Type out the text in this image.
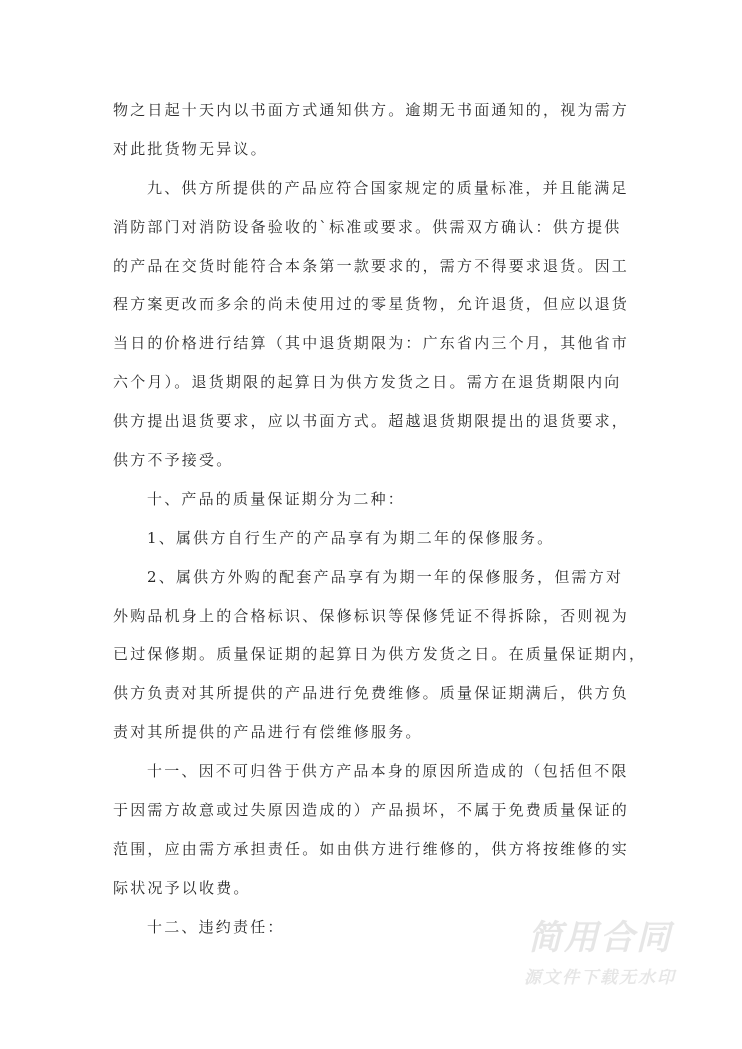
物之日起十天内以书面方式通知供方。逾期无书面通知的，视为需方
对此批货物无异议。
九、供方所提供的产品应符合国家规定的质量标准，并且能满足
消防部门对消防设备验收的`标准或要求。供需双方确认：供方提供
的产品在交货时能符合本条第一款要求的，需方不得要求退货。因工
程方案更改而多余的尚未使用过的零星货物，允许退货，但应以退货
当日的价格进行结算（其中退货期限为：广东省内三个月，其他省市
六个月）。退货期限的起算日为供方发货之日。需方在退货期限内向
供方提出退货要求，应以书面方式。超越退货期限提出的退货要求，
供方不予接受。
十、产品的质量保证期分为二种：
1、属供方自行生产的产品享有为期二年的保修服务。
2、属供方外购的配套产品享有为期一年的保修服务，但需方对
外购品机身上的合格标识、保修标识等保修凭证不得拆除，否则视为
已过保修期。质量保证期的起算日为供方发货之日。在质量保证期内，
供方负责对其所提供的产品进行免费维修。质量保证期满后，供方负
责对其所提供的产品进行有偿维修服务。
十一、因不可归咎于供方产品本身的原因所造成的（包括但不限
于因需方故意或过失原因造成的）产品损坏，不属于免费质量保证的
范围，应由需方承担责任。如由供方进行维修的，供方将按维修的实
际状况予以收费。
十二、违约责任：	简用合同
源文件下载无水印
